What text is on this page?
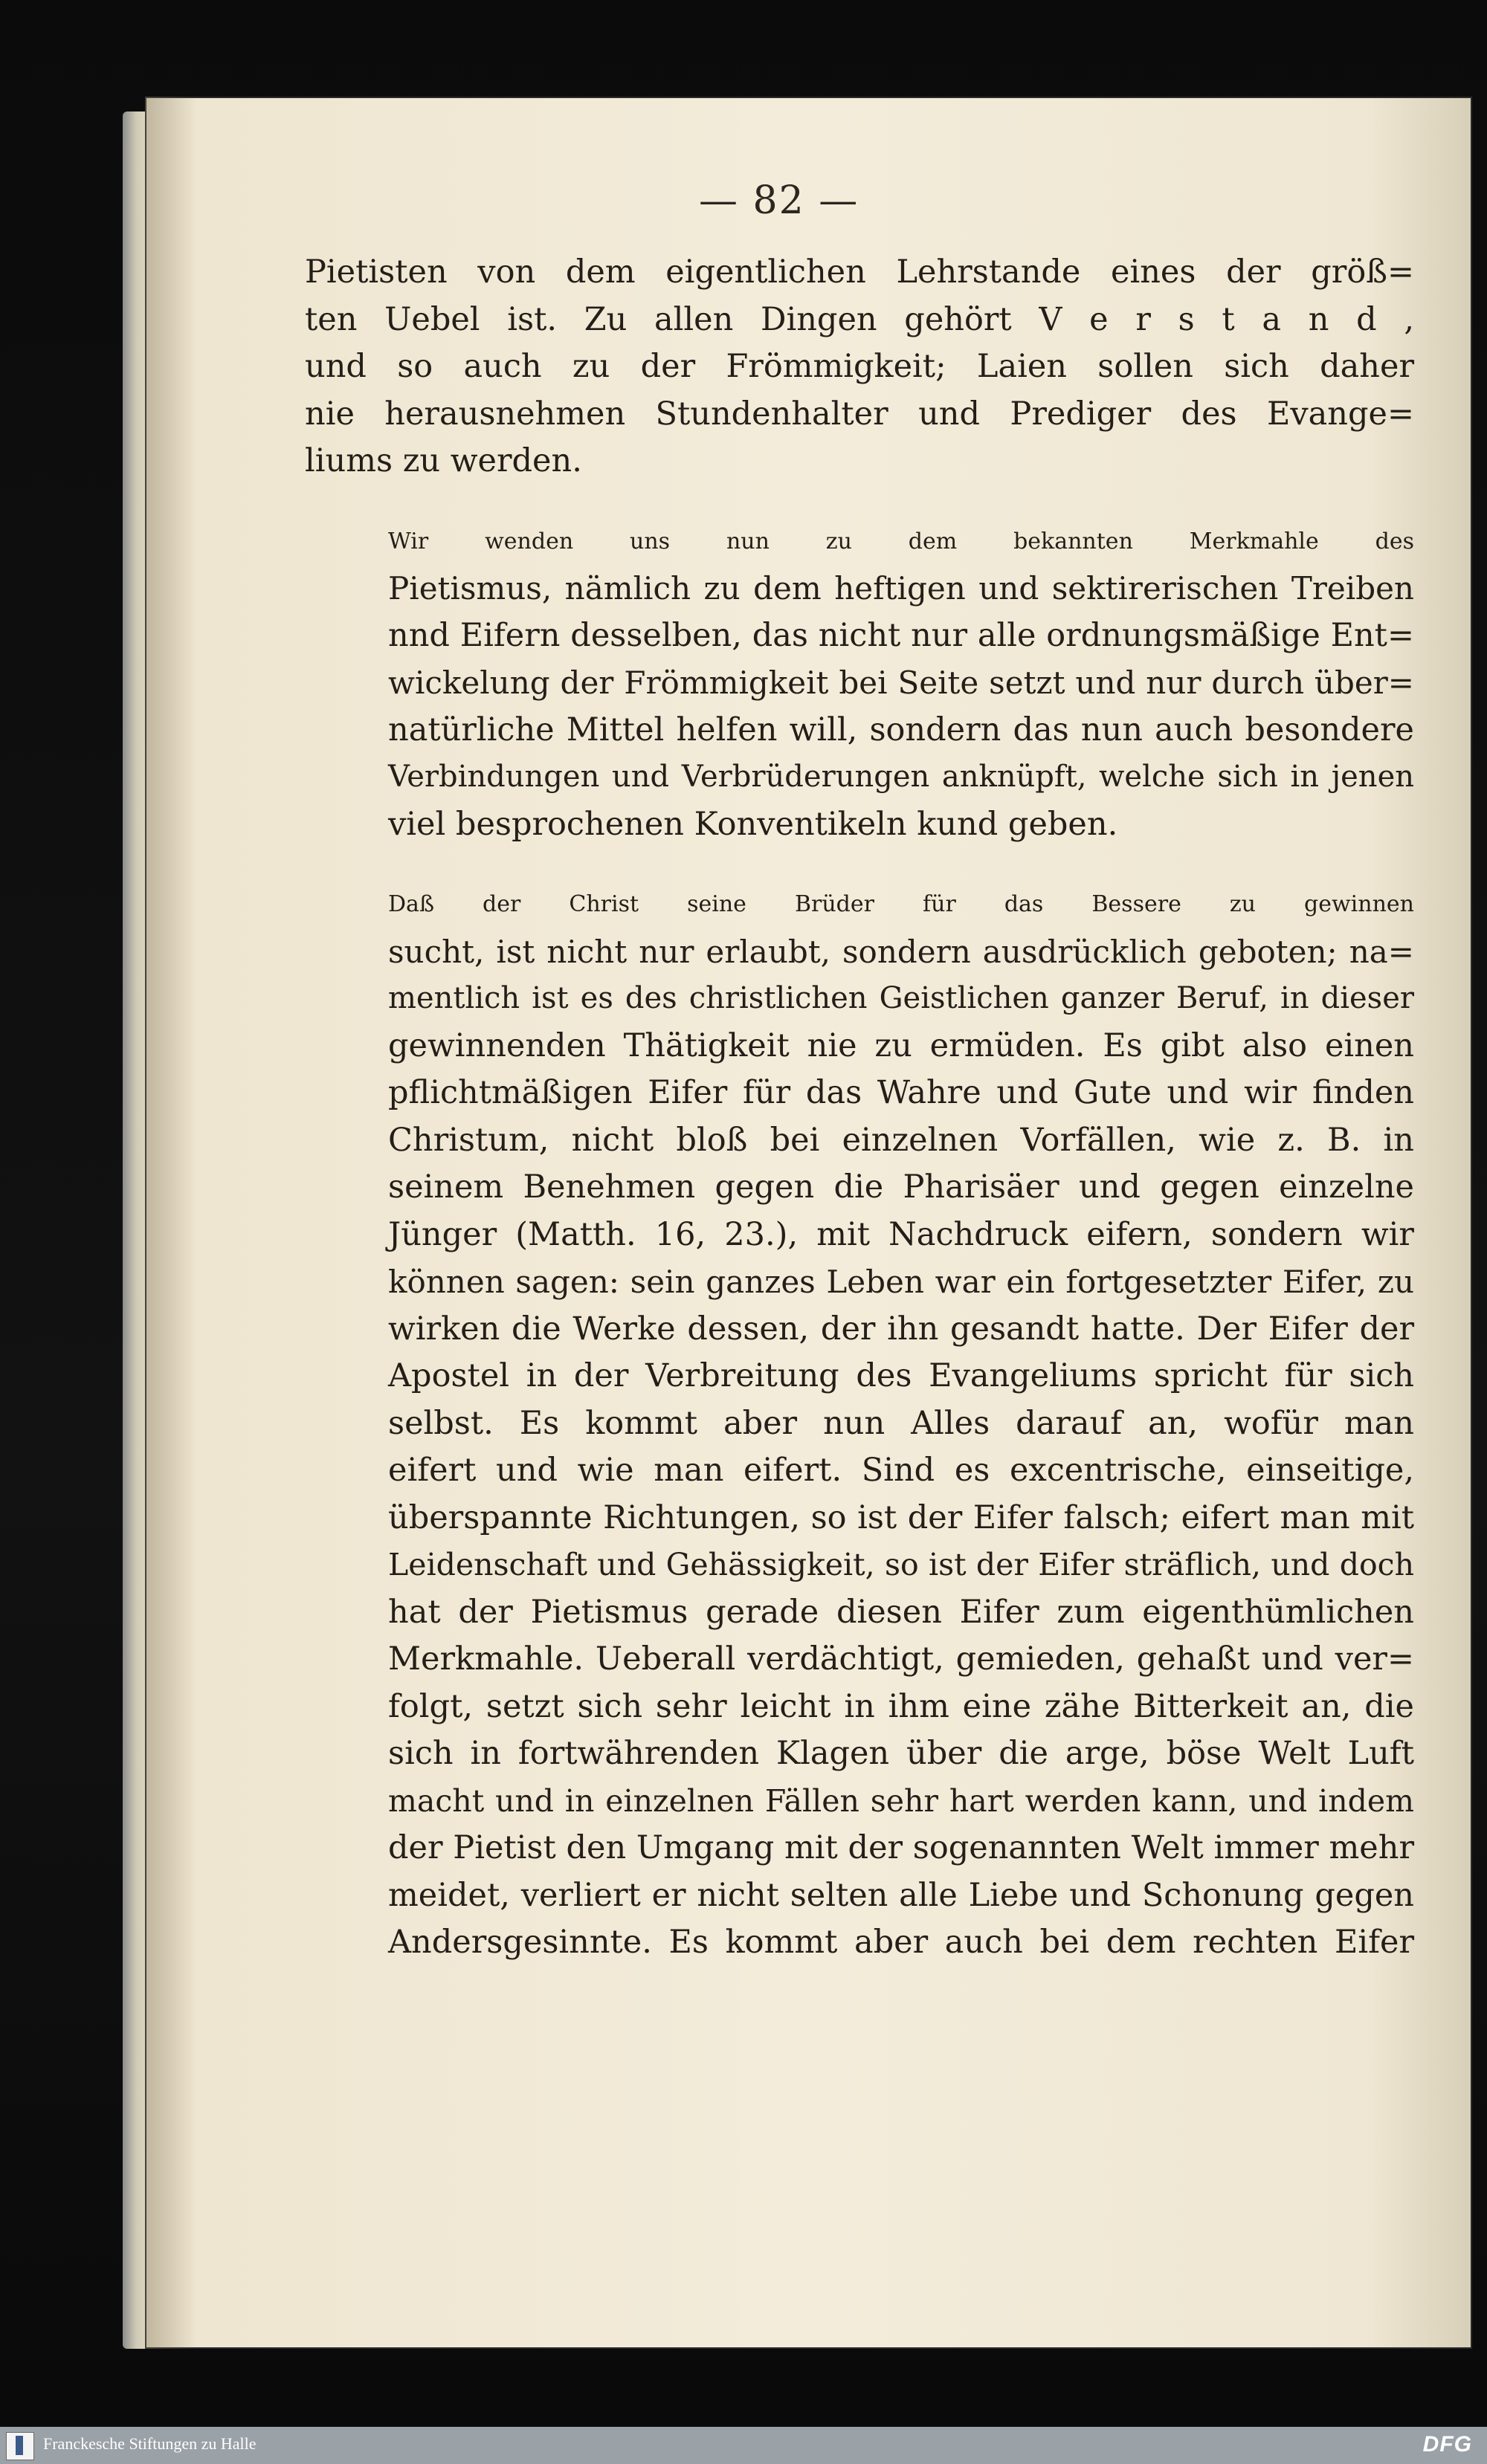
— 82 —
Pietisten von dem eigentlichen Lehrstande eines der größ=
ten Uebel ist. Zu allen Dingen gehört V e r s t a n d ,
und so auch zu der Frömmigkeit; Laien sollen sich daher
nie herausnehmen Stundenhalter und Prediger des Evange=
liums zu werden.
Wir wenden uns nun zu dem bekannten Merkmahle des
Pietismus, nämlich zu dem heftigen und sektirerischen Treiben
nnd Eifern desselben, das nicht nur alle ordnungsmäßige Ent=
wickelung der Frömmigkeit bei Seite setzt und nur durch über=
natürliche Mittel helfen will, sondern das nun auch besondere
Verbindungen und Verbrüderungen anknüpft, welche sich in jenen
viel besprochenen Konventikeln kund geben.
Daß der Christ seine Brüder für das Bessere zu gewinnen
sucht, ist nicht nur erlaubt, sondern ausdrücklich geboten; na=
mentlich ist es des christlichen Geistlichen ganzer Beruf, in dieser
gewinnenden Thätigkeit nie zu ermüden. Es gibt also einen
pflichtmäßigen Eifer für das Wahre und Gute und wir finden
Christum, nicht bloß bei einzelnen Vorfällen, wie z. B. in
seinem Benehmen gegen die Pharisäer und gegen einzelne
Jünger (Matth. 16, 23.), mit Nachdruck eifern, sondern wir
können sagen: sein ganzes Leben war ein fortgesetzter Eifer, zu
wirken die Werke dessen, der ihn gesandt hatte. Der Eifer der
Apostel in der Verbreitung des Evangeliums spricht für sich
selbst. Es kommt aber nun Alles darauf an, wofür man
eifert und wie man eifert. Sind es excentrische, einseitige,
überspannte Richtungen, so ist der Eifer falsch; eifert man mit
Leidenschaft und Gehässigkeit, so ist der Eifer sträflich, und doch
hat der Pietismus gerade diesen Eifer zum eigenthümlichen
Merkmahle. Ueberall verdächtigt, gemieden, gehaßt und ver=
folgt, setzt sich sehr leicht in ihm eine zähe Bitterkeit an, die
sich in fortwährenden Klagen über die arge, böse Welt Luft
macht und in einzelnen Fällen sehr hart werden kann, und indem
der Pietist den Umgang mit der sogenannten Welt immer mehr
meidet, verliert er nicht selten alle Liebe und Schonung gegen
Andersgesinnte. Es kommt aber auch bei dem rechten Eifer
Franckesche Stiftungen zu Halle	DFG
